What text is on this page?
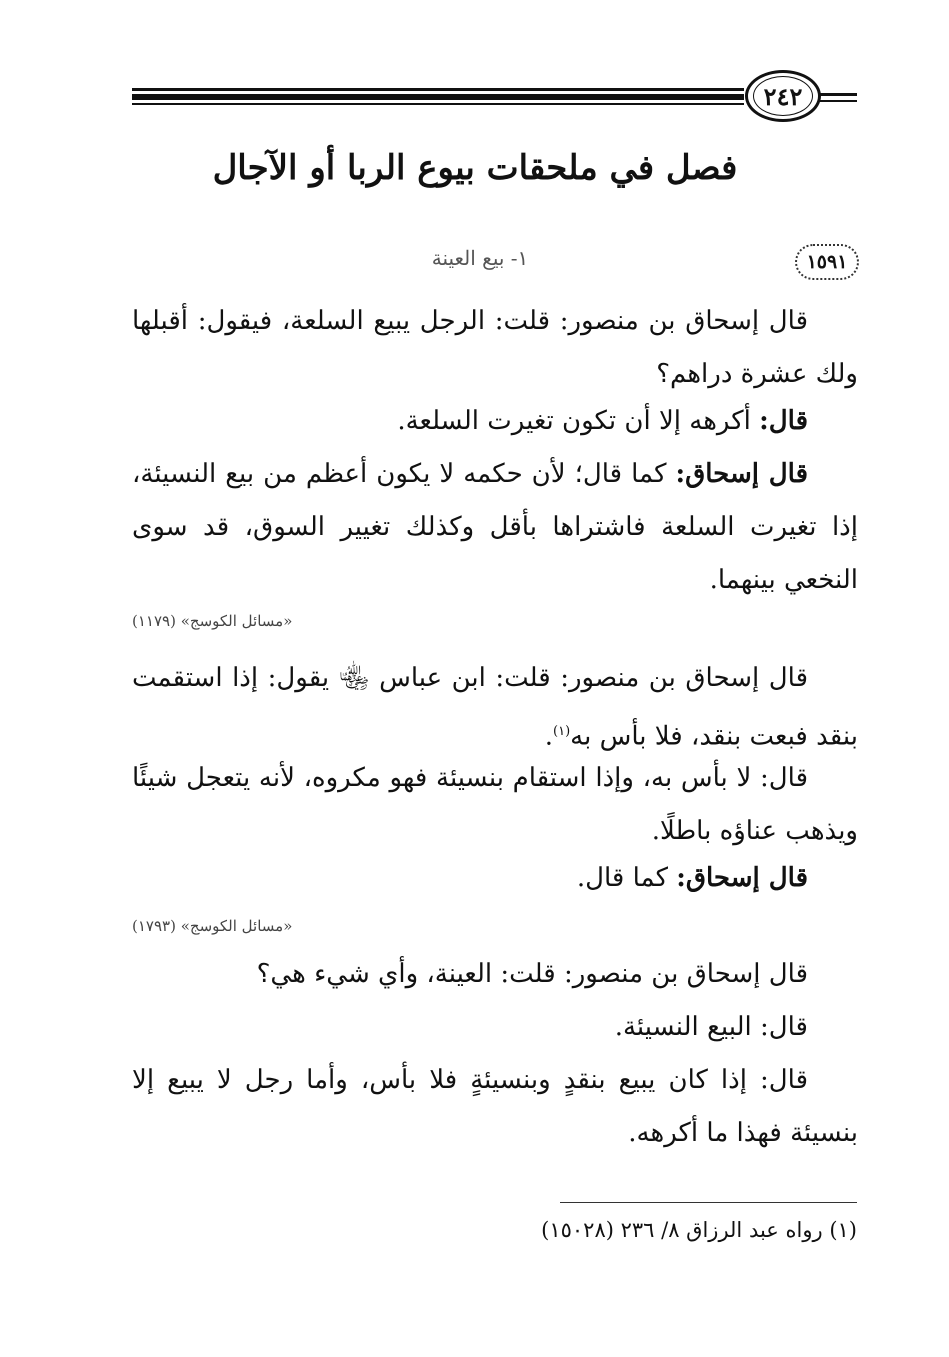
٢٤٢
فصل في ملحقات بيوع الربا أو الآجال
١٥٩١
١- بيع العينة
قال إسحاق بن منصور: قلت: الرجل يبيع السلعة، فيقول: أقبلها ولك عشرة دراهم؟
قال: أكرهه إلا أن تكون تغيرت السلعة.
قال إسحاق: كما قال؛ لأن حكمه لا يكون أعظم من بيع النسيئة، إذا تغيرت السلعة فاشتراها بأقل وكذلك تغيير السوق، قد سوى النخعي بينهما.
«مسائل الكوسج» (١١٧٩)
قال إسحاق بن منصور: قلت: ابن عباس ﵄ يقول: إذا استقمت بنقد فبعت بنقد، فلا بأس به$^{(١)}$.
قال: لا بأس به، وإذا استقام بنسيئة فهو مكروه، لأنه يتعجل شيئًا ويذهب عناؤه باطلًا.
قال إسحاق: كما قال.
«مسائل الكوسج» (١٧٩٣)
قال إسحاق بن منصور: قلت: العينة، وأي شيء هي؟
قال: البيع النسيئة.
قال: إذا كان يبيع بنقدٍ وبنسيئةٍ فلا بأس، وأما رجل لا يبيع إلا بنسيئة فهذا ما أكرهه.
(١) رواه عبد الرزاق ٨/ ٢٣٦ (١٥٠٢٨)
